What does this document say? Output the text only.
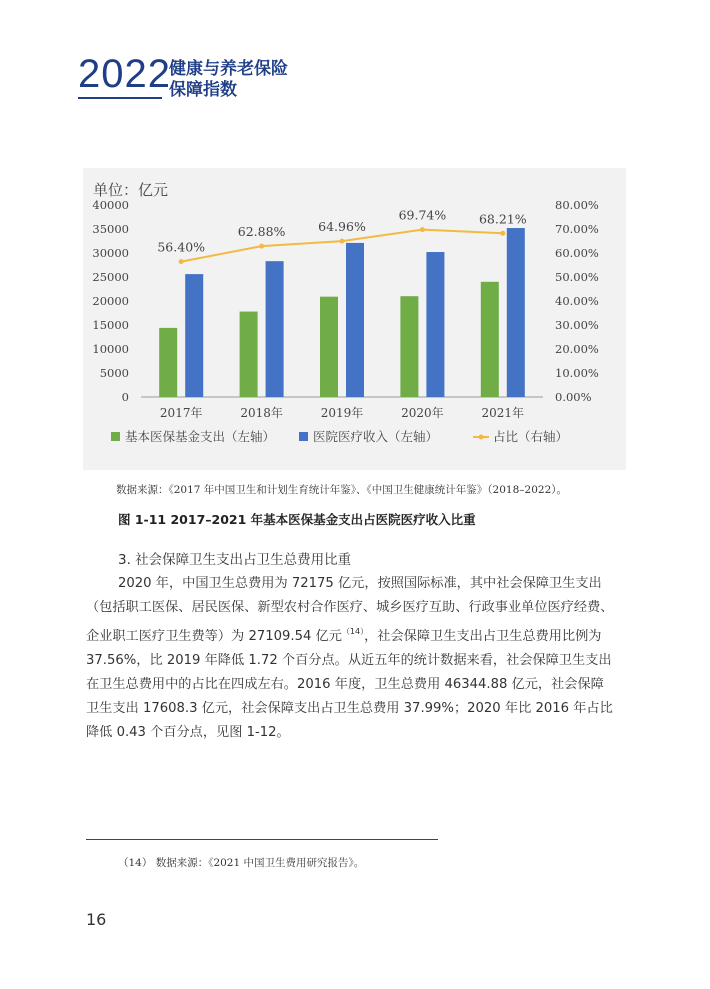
2022
健康与养老保险
保障指数
单位：亿元
0
5000
10000
15000
20000
25000
30000
35000
40000
0.00%
10.00%
20.00%
30.00%
40.00%
50.00%
60.00%
70.00%
80.00%
2017年	2018年	2019年	2020年	2021年
56.40%
62.88%	64.96%
69.74%	68.21%
基本医保基金支出（左轴）	医院医疗收入（左轴）	占比（右轴）
数据来源：《2017 年中国卫生和计划生育统计年鉴》、《中国卫生健康统计年鉴》（2018–2022）。
图 1-11 2017–2021 年基本医保基金支出占医院医疗收入比重
3. 社会保障卫生支出占卫生总费用比重

2020 年，中国卫生总费用为 72175 亿元，按照国际标准，其中社会保障卫生支出

（包括职工医保、居民医保、新型农村合作医疗、城乡医疗互助、行政事业单位医疗经费、

企业职工医疗卫生费等）为 27109.54 亿元$^{(14)}$，社会保障卫生支出占卫生总费用比例为

37.56%，比 2019 年降低 1.72 个百分点。从近五年的统计数据来看，社会保障卫生支出

在卫生总费用中的占比在四成左右。2016 年度，卫生总费用 46344.88 亿元，社会保障

卫生支出 17608.3 亿元，社会保障支出占卫生总费用 37.99%；2020 年比 2016 年占比

降低 0.43 个百分点，见图 1-12。

（14） 数据来源：《2021 中国卫生费用研究报告》。
16
